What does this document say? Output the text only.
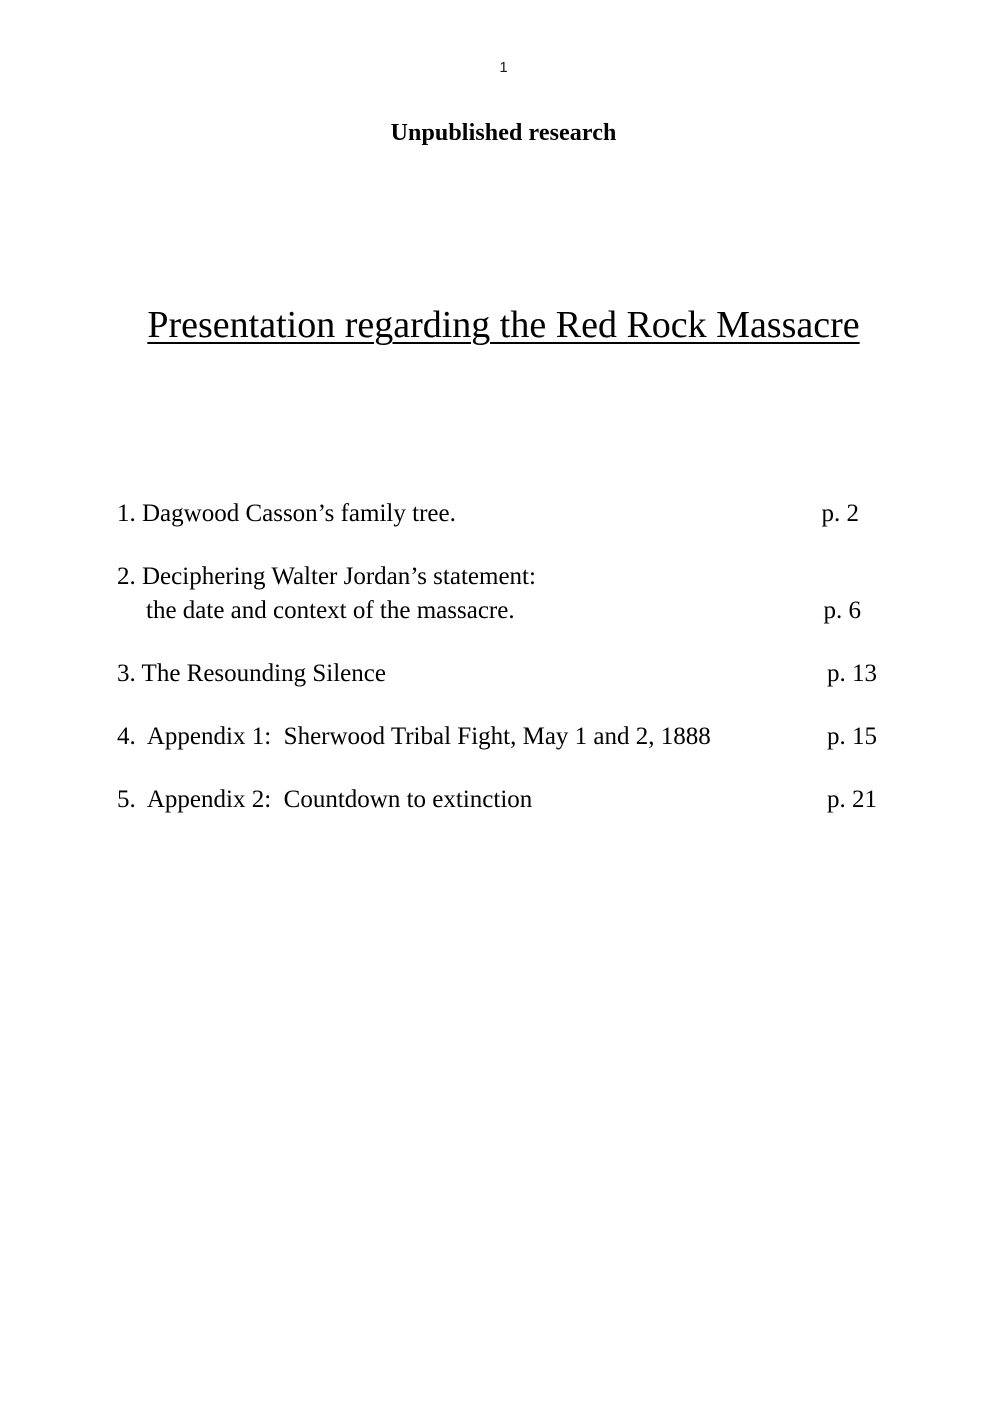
1
Unpublished research
Presentation regarding the Red Rock Massacre
1. Dagwood Casson’s family tree.	p. 2
2. Deciphering Walter Jordan’s statement:
the date and context of the massacre.	p. 6
3. The Resounding Silence	p. 13
4.  Appendix 1:  Sherwood Tribal Fight, May 1 and 2, 1888	p. 15
5.  Appendix 2:  Countdown to extinction	p. 21
